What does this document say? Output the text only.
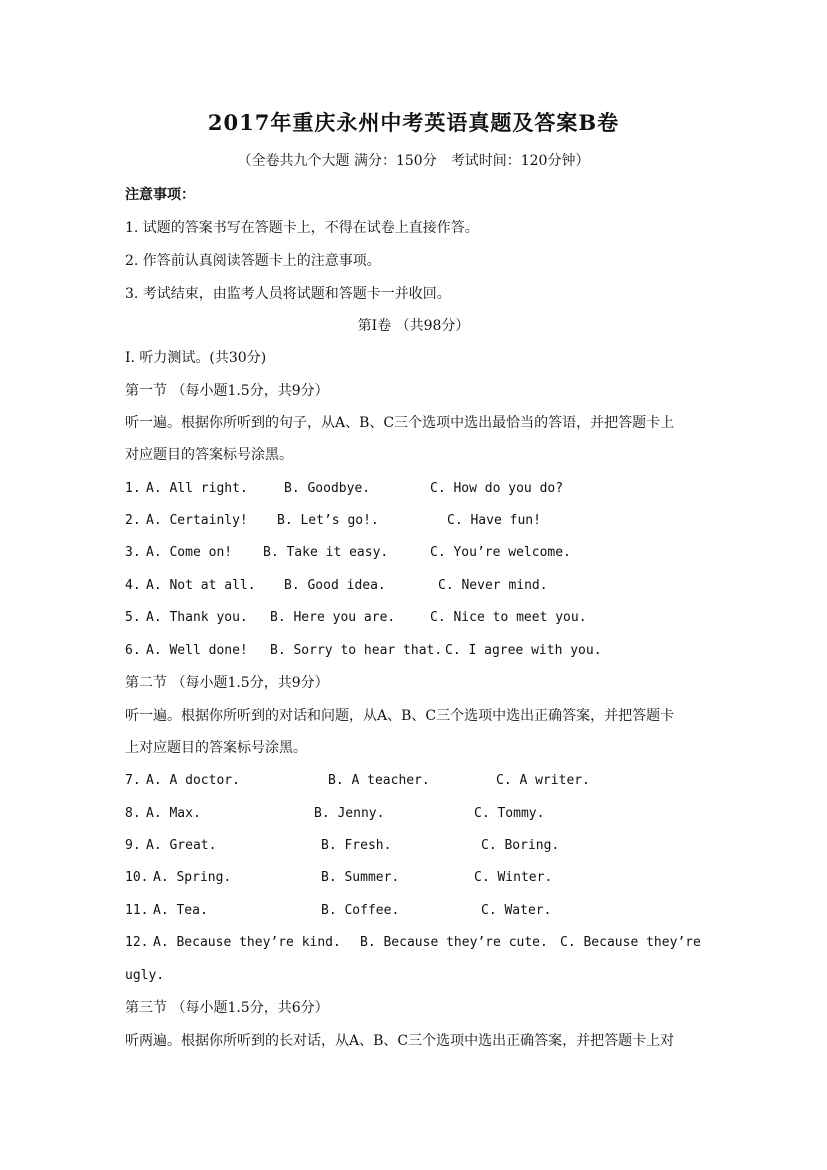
2017年重庆永州中考英语真题及答案B卷
（全卷共九个大题 满分：150分　考试时间：120分钟）
注意事项：
1. 试题的答案书写在答题卡上，不得在试卷上直接作答。
2. 作答前认真阅读答题卡上的注意事项。
3. 考试结束，由监考人员将试题和答题卡一并收回。
第Ⅰ卷 （共98分）
Ⅰ. 听力测试。(共30分)
第一节 （每小题1.5分，共9分）
听一遍。根据你所听到的句子，从A、B、C三个选项中选出最恰当的答语，并把答题卡上
对应题目的答案标号涂黑。
1. A. All right.	B. Goodbye.	C. How do you do?
2. A. Certainly! B. Let’s go!.	C. Have fun!
3. A. Come on! B. Take it easy.	C. You’re welcome.
4. A. Not at all. B. Good idea.	C. Never mind.
5. A. Thank you. B. Here you are.	C. Nice to meet you.
6. A. Well done! B. Sorry to hear that. C. I agree with you.
第二节 （每小题1.5分，共9分）
听一遍。根据你所听到的对话和问题，从A、B、C三个选项中选出正确答案，并把答题卡
上对应题目的答案标号涂黑。
7. A. A doctor.	B. A teacher.	C. A writer.
8. A. Max.	B. Jenny.	C. Tommy.
9. A. Great.	B. Fresh.	C. Boring.
10. A. Spring.	B. Summer.	C. Winter.
11. A. Tea.	B. Coffee.	C. Water.
12. A. Because they’re kind. B. Because they’re cute. C. Because they’re
ugly.
第三节 （每小题1.5分，共6分）
听两遍。根据你所听到的长对话，从A、B、C三个选项中选出正确答案，并把答题卡上对
